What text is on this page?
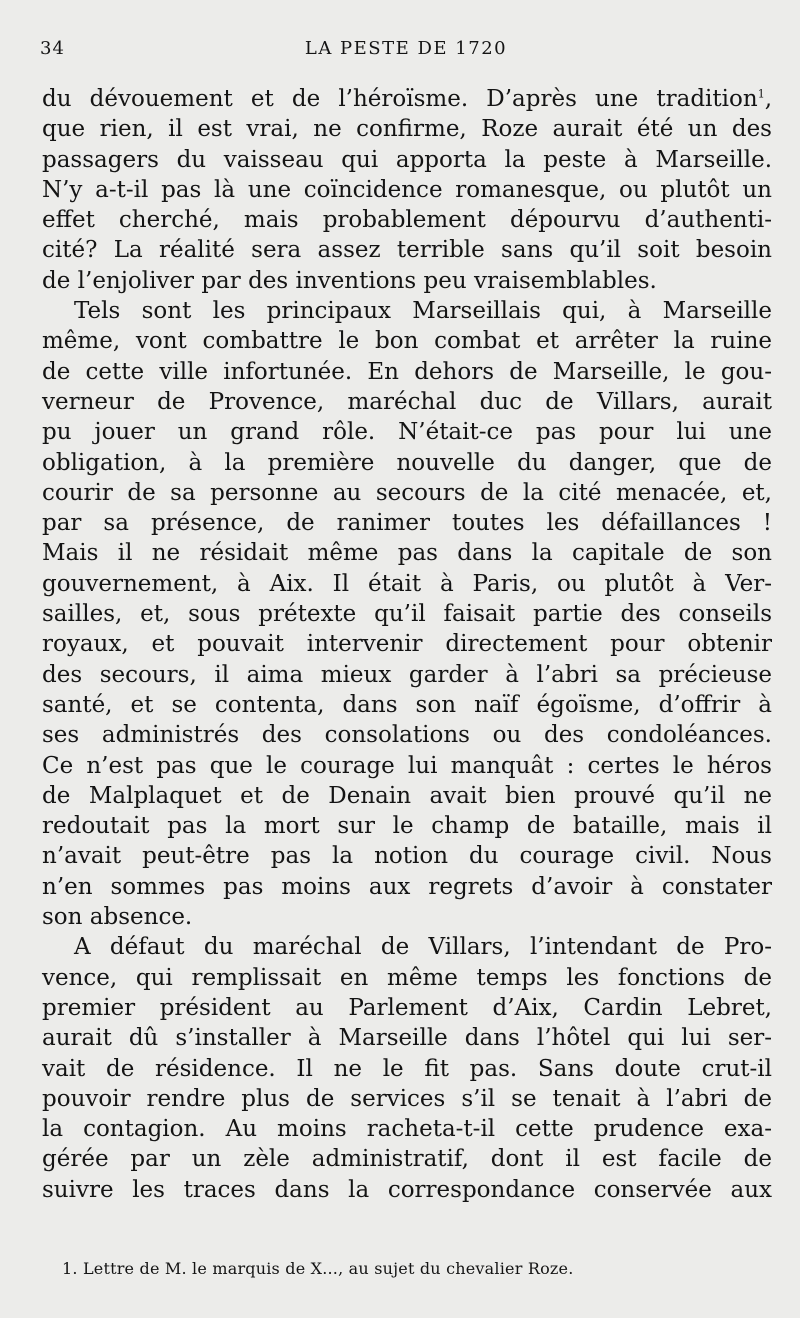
34	LA PESTE DE 1720
du dévouement et de l’héroïsme. D’après une tradition$^1$,
que rien, il est vrai, ne confirme, Roze aurait été un des
passagers du vaisseau qui apporta la peste à Marseille.
N’y a-t-il pas là une coïncidence romanesque, ou plutôt un
effet cherché, mais probablement dépourvu d’authenti-
cité? La réalité sera assez terrible sans qu’il soit besoin
de l’enjoliver par des inventions peu vraisemblables.
Tels sont les principaux Marseillais qui, à Marseille
même, vont combattre le bon combat et arrêter la ruine
de cette ville infortunée. En dehors de Marseille, le gou-
verneur de Provence, maréchal duc de Villars, aurait
pu jouer un grand rôle. N’était-ce pas pour lui une
obligation, à la première nouvelle du danger, que de
courir de sa personne au secours de la cité menacée, et,
par sa présence, de ranimer toutes les défaillances !
Mais il ne résidait même pas dans la capitale de son
gouvernement, à Aix. Il était à Paris, ou plutôt à Ver-
sailles, et, sous prétexte qu’il faisait partie des conseils
royaux, et pouvait intervenir directement pour obtenir
des secours, il aima mieux garder à l’abri sa précieuse
santé, et se contenta, dans son naïf égoïsme, d’offrir à
ses administrés des consolations ou des condoléances.
Ce n’est pas que le courage lui manquât : certes le héros
de Malplaquet et de Denain avait bien prouvé qu’il ne
redoutait pas la mort sur le champ de bataille, mais il
n’avait peut-être pas la notion du courage civil. Nous
n’en sommes pas moins aux regrets d’avoir à constater
son absence.
A défaut du maréchal de Villars, l’intendant de Pro-
vence, qui remplissait en même temps les fonctions de
premier président au Parlement d’Aix, Cardin Lebret,
aurait dû s’installer à Marseille dans l’hôtel qui lui ser-
vait de résidence. Il ne le fit pas. Sans doute crut-il
pouvoir rendre plus de services s’il se tenait à l’abri de
la contagion. Au moins racheta-t-il cette prudence exa-
gérée par un zèle administratif, dont il est facile de
suivre les traces dans la correspondance conservée aux
1. Lettre de M. le marquis de X..., au sujet du chevalier Roze.
